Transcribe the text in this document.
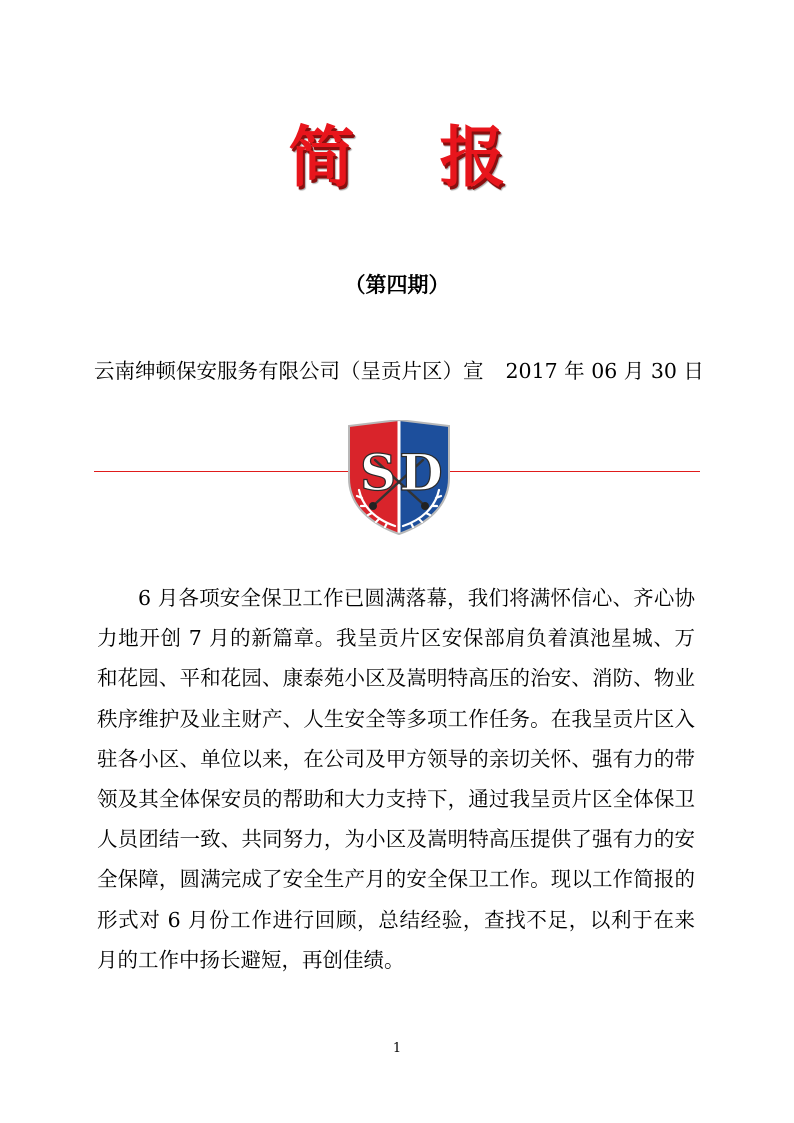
简报
（第四期）
云南绅顿保安服务有限公司（呈贡片区）宣 2017 年 06 月 30 日
S D
6 月各项安全保卫工作已圆满落幕，我们将满怀信心、齐心协力地开创 7 月的新篇章。我呈贡片区安保部肩负着滇池星城、万和花园、平和花园、康泰苑小区及嵩明特高压的治安、消防、物业秩序维护及业主财产、人生安全等多项工作任务。在我呈贡片区入驻各小区、单位以来，在公司及甲方领导的亲切关怀、强有力的带领及其全体保安员的帮助和大力支持下，通过我呈贡片区全体保卫人员团结一致、共同努力，为小区及嵩明特高压提供了强有力的安全保障，圆满完成了安全生产月的安全保卫工作。现以工作简报的形式对 6 月份工作进行回顾，总结经验，查找不足，以利于在来月的工作中扬长避短，再创佳绩。
1
